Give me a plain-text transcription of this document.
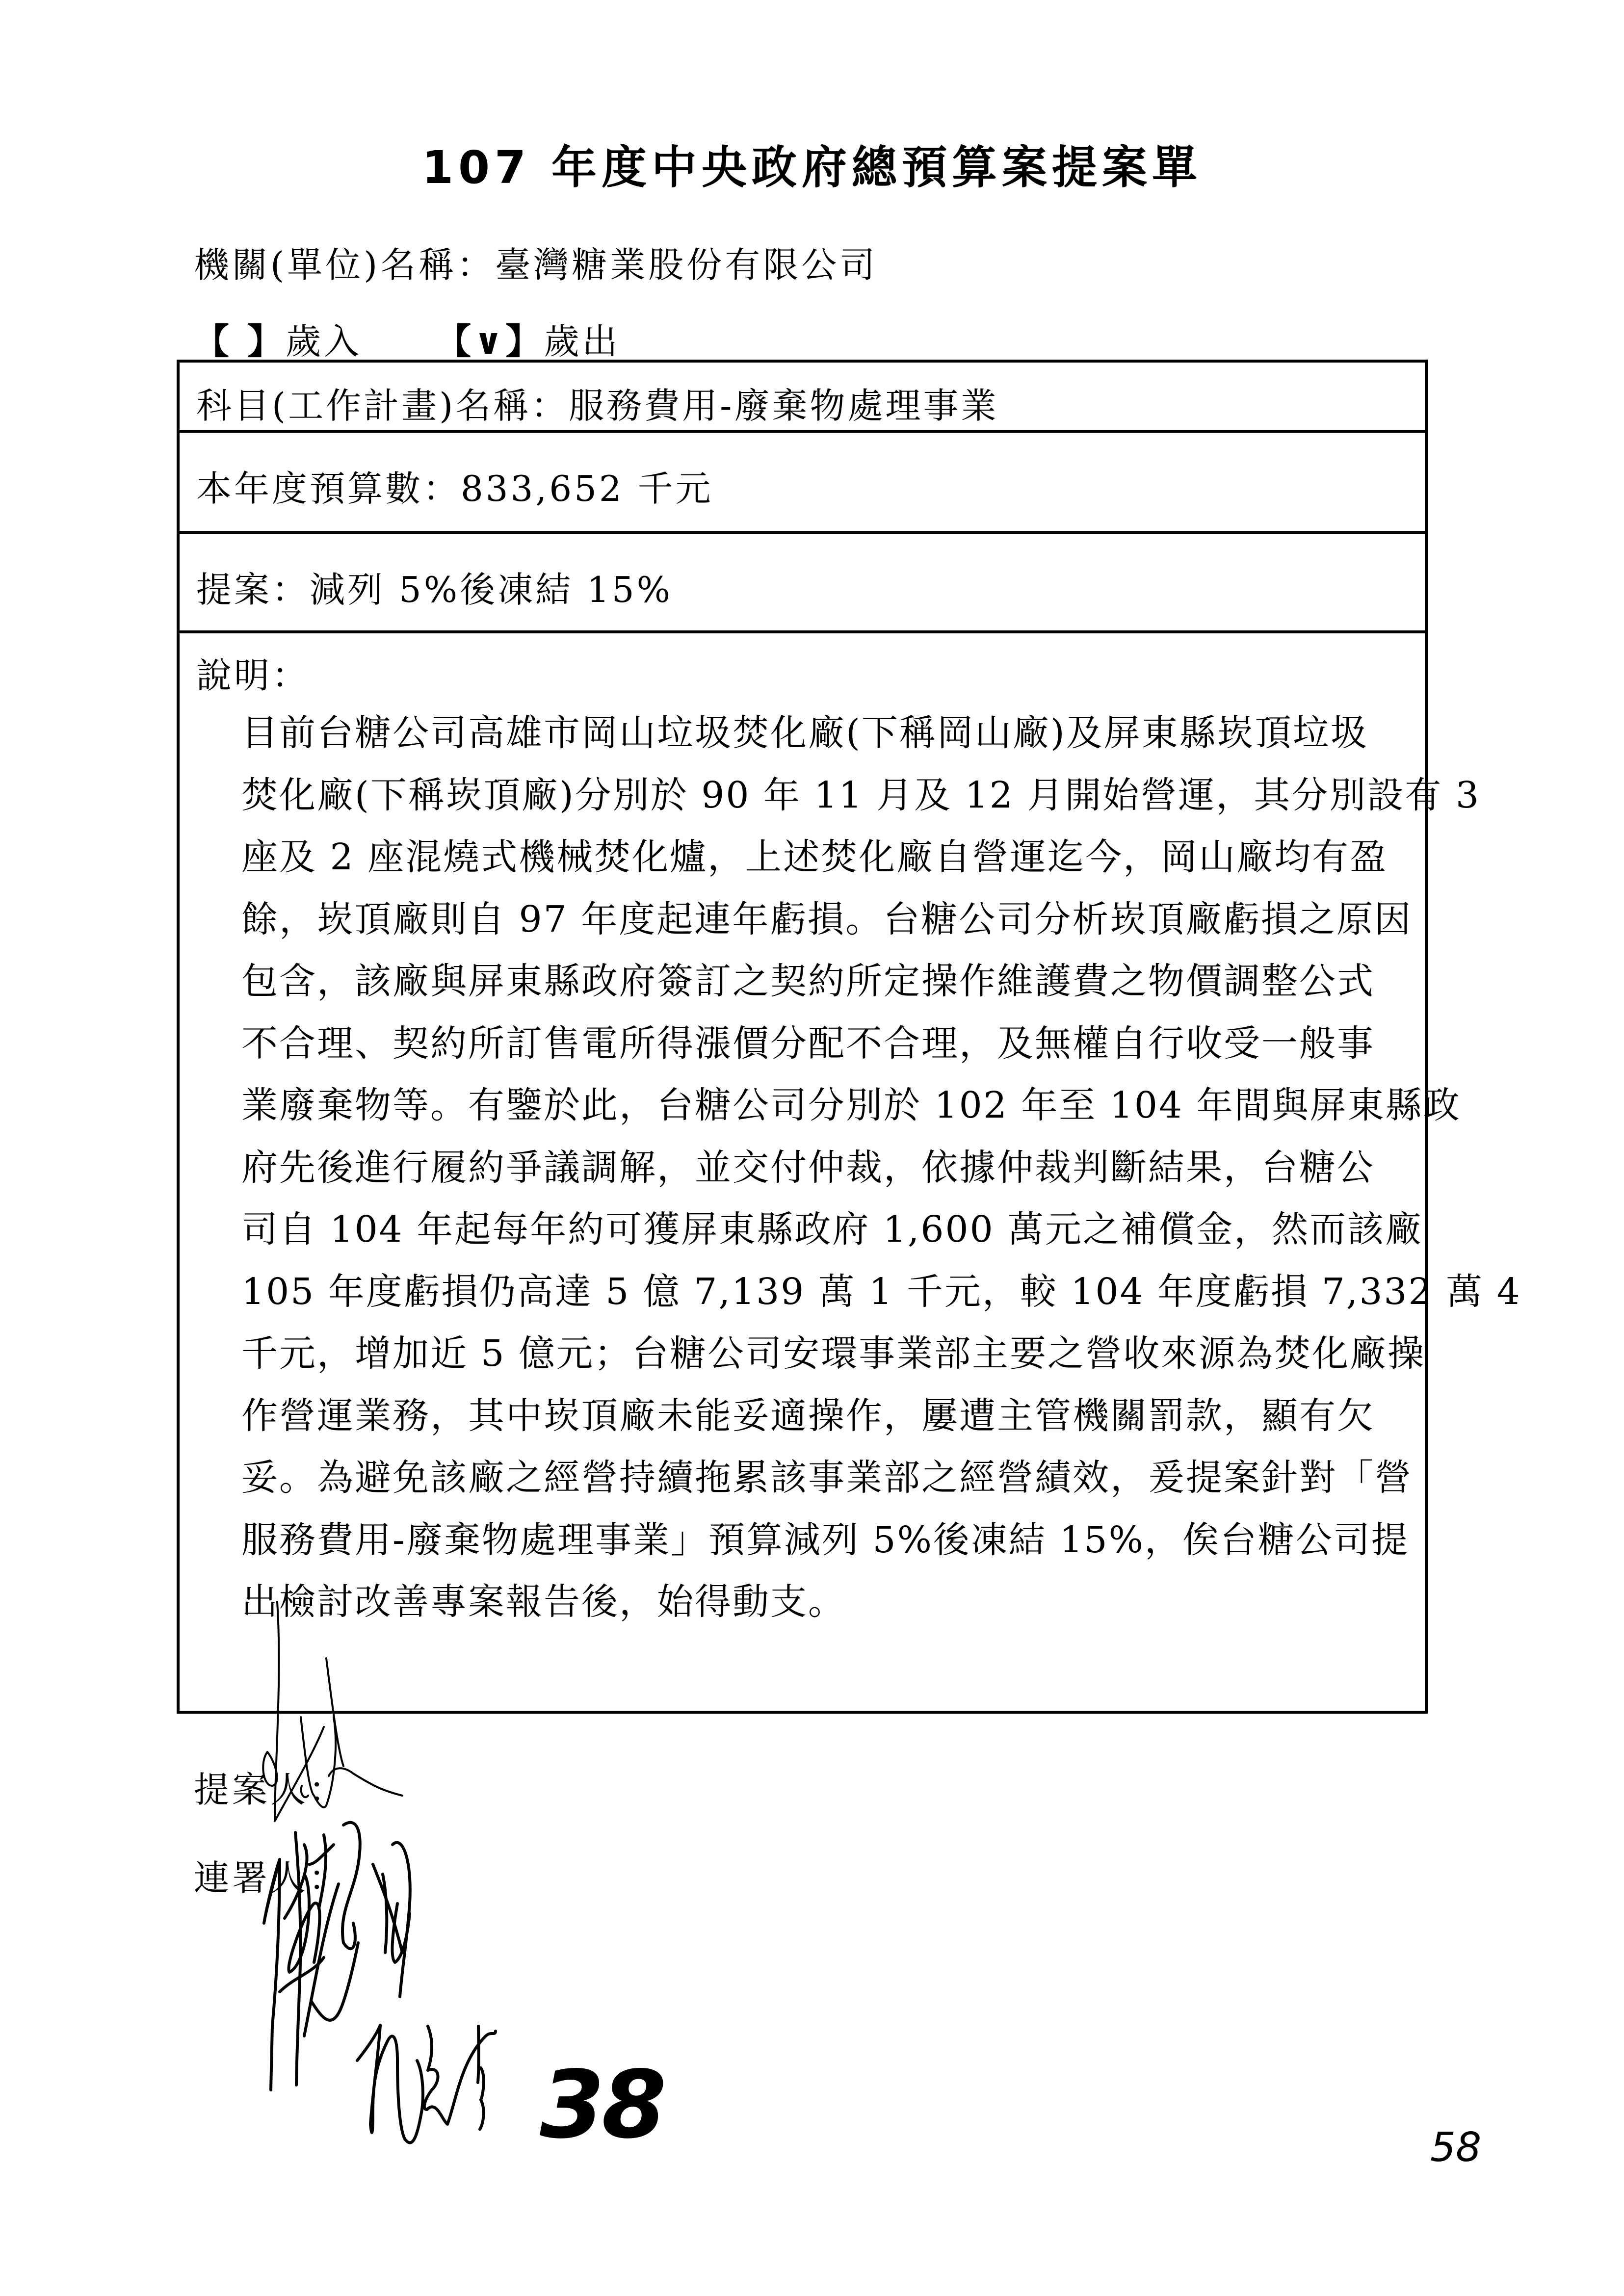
107 年度中央政府總預算案提案單
機關(單位)名稱：臺灣糖業股份有限公司
【 】歲入 【∨】歲出
科目(工作計畫)名稱：服務費用-廢棄物處理事業
本年度預算數：833,652 千元
提案：減列 5%後凍結 15%
說明：
目前台糖公司高雄市岡山垃圾焚化廠(下稱岡山廠)及屏東縣崁頂垃圾
焚化廠(下稱崁頂廠)分別於 90 年 11 月及 12 月開始營運，其分別設有 3
座及 2 座混燒式機械焚化爐，上述焚化廠自營運迄今，岡山廠均有盈
餘，崁頂廠則自 97 年度起連年虧損。台糖公司分析崁頂廠虧損之原因
包含，該廠與屏東縣政府簽訂之契約所定操作維護費之物價調整公式
不合理、契約所訂售電所得漲價分配不合理，及無權自行收受一般事
業廢棄物等。有鑒於此，台糖公司分別於 102 年至 104 年間與屏東縣政
府先後進行履約爭議調解，並交付仲裁，依據仲裁判斷結果，台糖公
司自 104 年起每年約可獲屏東縣政府 1,600 萬元之補償金，然而該廠
105 年度虧損仍高達 5 億 7,139 萬 1 千元，較 104 年度虧損 7,332 萬 4
千元，增加近 5 億元；台糖公司安環事業部主要之營收來源為焚化廠操
作營運業務，其中崁頂廠未能妥適操作，屢遭主管機關罰款，顯有欠
妥。為避免該廠之經營持續拖累該事業部之經營績效，爰提案針對「營
服務費用-廢棄物處理事業」預算減列 5%後凍結 15%，俟台糖公司提
出檢討改善專案報告後，始得動支。
提案人：
連署人：
38	58
